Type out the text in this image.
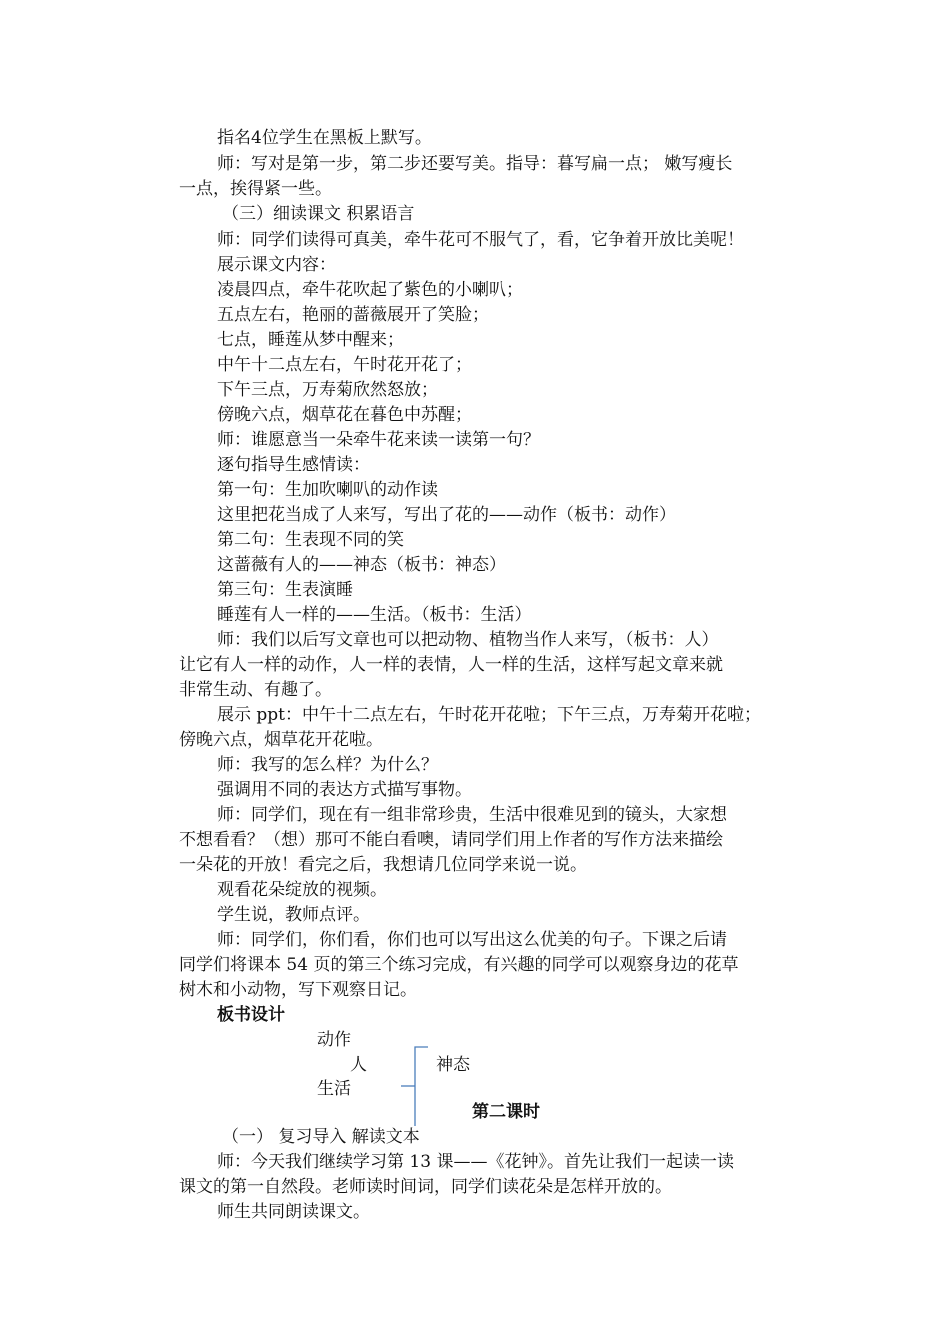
指名4位学生在黑板上默写。
师：写对是第一步，第二步还要写美。指导：暮写扁一点； 嫩写瘦长
一点，挨得紧一些。
（三）细读课文 积累语言
师：同学们读得可真美，牵牛花可不服气了，看，它争着开放比美呢！
展示课文内容：
凌晨四点，牵牛花吹起了紫色的小喇叭；
五点左右，艳丽的蔷薇展开了笑脸；
七点，睡莲从梦中醒来；
中午十二点左右，午时花开花了；
下午三点，万寿菊欣然怒放；
傍晚六点，烟草花在暮色中苏醒；
师：谁愿意当一朵牵牛花来读一读第一句？
逐句指导生感情读：
第一句：生加吹喇叭的动作读
这里把花当成了人来写，写出了花的——动作（板书：动作）
第二句：生表现不同的笑
这蔷薇有人的——神态（板书：神态）
第三句：生表演睡
睡莲有人一样的——生活。（板书：生活）
师：我们以后写文章也可以把动物、植物当作人来写，（板书：人）
让它有人一样的动作，人一样的表情，人一样的生活，这样写起文章来就
非常生动、有趣了。
展示 ppt：中午十二点左右，午时花开花啦；下午三点，万寿菊开花啦；
傍晚六点，烟草花开花啦。
师：我写的怎么样？为什么？
强调用不同的表达方式描写事物。
师：同学们，现在有一组非常珍贵，生活中很难见到的镜头，大家想
不想看看？（想）那可不能白看噢，请同学们用上作者的写作方法来描绘
一朵花的开放！看完之后，我想请几位同学来说一说。
观看花朵绽放的视频。
学生说，教师点评。
师：同学们，你们看，你们也可以写出这么优美的句子。下课之后请
同学们将课本 54 页的第三个练习完成，有兴趣的同学可以观察身边的花草
树木和小动物，写下观察日记。
板书设计
动作
人	神态
生活
第二课时
（一） 复习导入 解读文本
师：今天我们继续学习第 13 课——《花钟》。首先让我们一起读一读
课文的第一自然段。老师读时间词，同学们读花朵是怎样开放的。
师生共同朗读课文。
